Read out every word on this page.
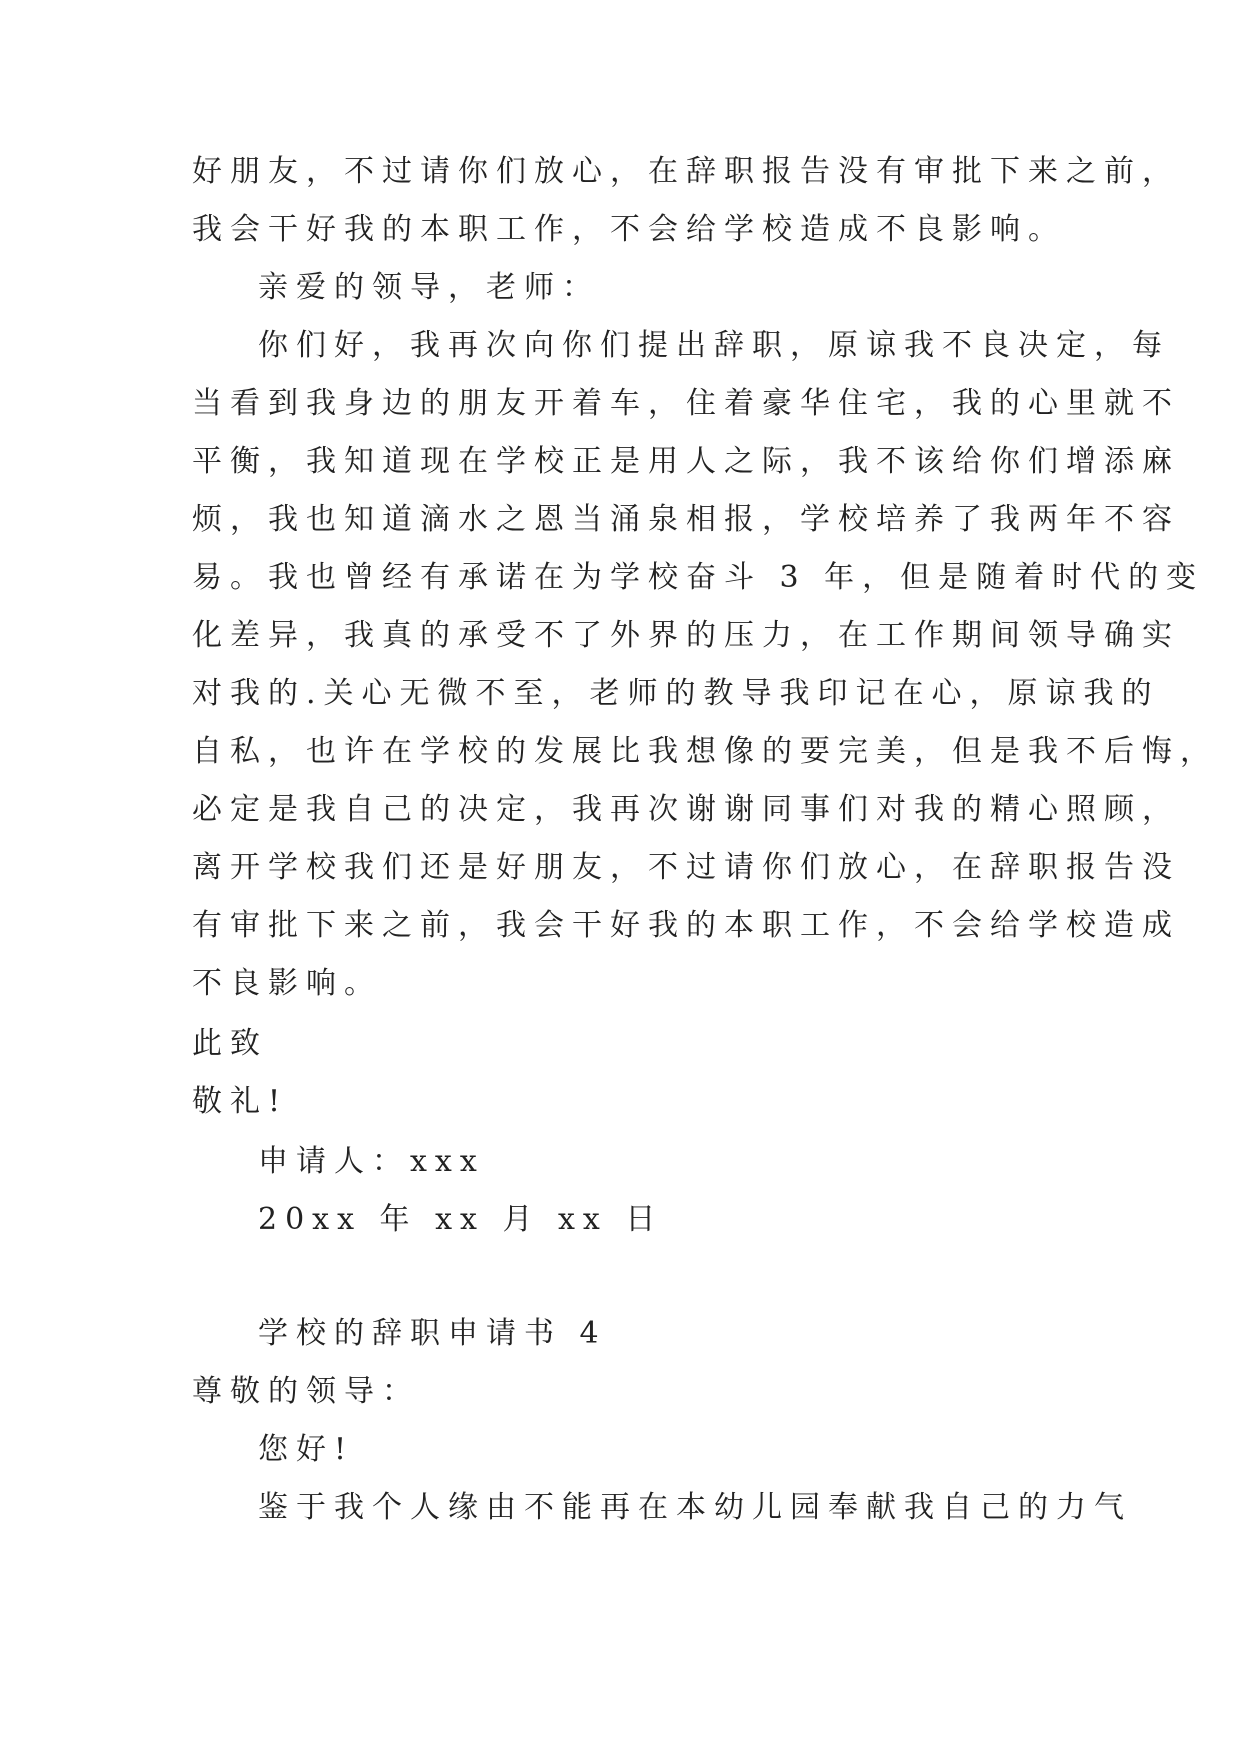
好朋友，不过请你们放心，在辞职报告没有审批下来之前，
我会干好我的本职工作，不会给学校造成不良影响。
亲爱的领导，老师：
你们好，我再次向你们提出辞职，原谅我不良决定，每
当看到我身边的朋友开着车，住着豪华住宅，我的心里就不
平衡，我知道现在学校正是用人之际，我不该给你们增添麻
烦，我也知道滴水之恩当涌泉相报，学校培养了我两年不容
易。我也曾经有承诺在为学校奋斗 3 年，但是随着时代的变
化差异，我真的承受不了外界的压力，在工作期间领导确实
对我的.关心无微不至，老师的教导我印记在心，原谅我的
自私，也许在学校的发展比我想像的要完美，但是我不后悔，
必定是我自己的决定，我再次谢谢同事们对我的精心照顾，
离开学校我们还是好朋友，不过请你们放心，在辞职报告没
有审批下来之前，我会干好我的本职工作，不会给学校造成
不良影响。
此致
敬礼!
申请人：xxx
20xx 年 xx 月 xx 日
学校的辞职申请书 4
尊敬的领导：
您好!
鉴于我个人缘由不能再在本幼儿园奉献我自己的力气
